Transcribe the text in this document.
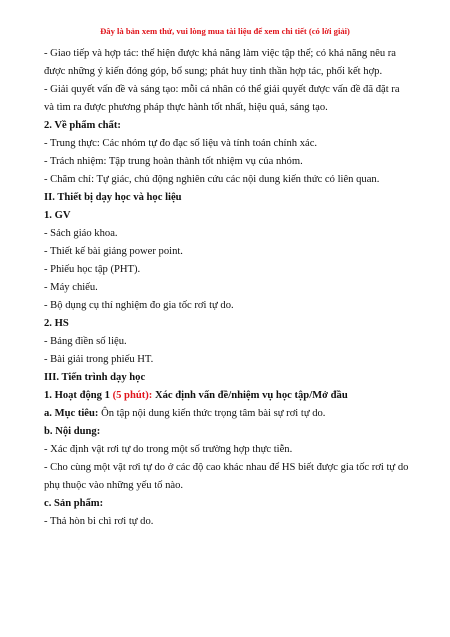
Đây là bản xem thử, vui lòng mua tài liệu để xem chi tiết (có lời giải)

- Giao tiếp và hợp tác: thể hiện được khả năng làm việc tập thể; có khả năng nêu ra

được những ý kiến đóng góp, bổ sung; phát huy tinh thần hợp tác, phối kết hợp.

- Giải quyết vấn đề và sáng tạo: mỗi cá nhân có thể giải quyết được vấn đề đã đặt ra

và tìm ra được phương pháp thực hành tốt nhất, hiệu quả, sáng tạo.

2. Về phẩm chất:

- Trung thực: Các nhóm tự đo đạc số liệu và tính toán chính xác.

- Trách nhiệm: Tập trung hoàn thành tốt nhiệm vụ của nhóm.

- Chăm chỉ: Tự giác, chủ động nghiên cứu các nội dung kiến thức có liên quan.

II. Thiết bị dạy học và học liệu

1. GV

- Sách giáo khoa.

- Thiết kế bài giảng power point.

- Phiếu học tập (PHT).

- Máy chiếu.

- Bộ dụng cụ thí nghiệm đo gia tốc rơi tự do.

2. HS

- Bảng điền số liệu.

- Bài giải trong phiếu HT.

III. Tiến trình dạy học

1. Hoạt động 1 (5 phút): Xác định vấn đề/nhiệm vụ học tập/Mở đầu

a. Mục tiêu: Ôn tập nội dung kiến thức trọng tâm bài sự rơi tự do.

b. Nội dung:

- Xác định vật rơi tự do trong một số trường hợp thực tiễn.

- Cho cùng một vật rơi tự do ở các độ cao khác nhau để HS biết được gia tốc rơi tự do

phụ thuộc vào những yếu tố nào.

c. Sản phẩm:

- Thả hòn bi chì rơi tự do.
